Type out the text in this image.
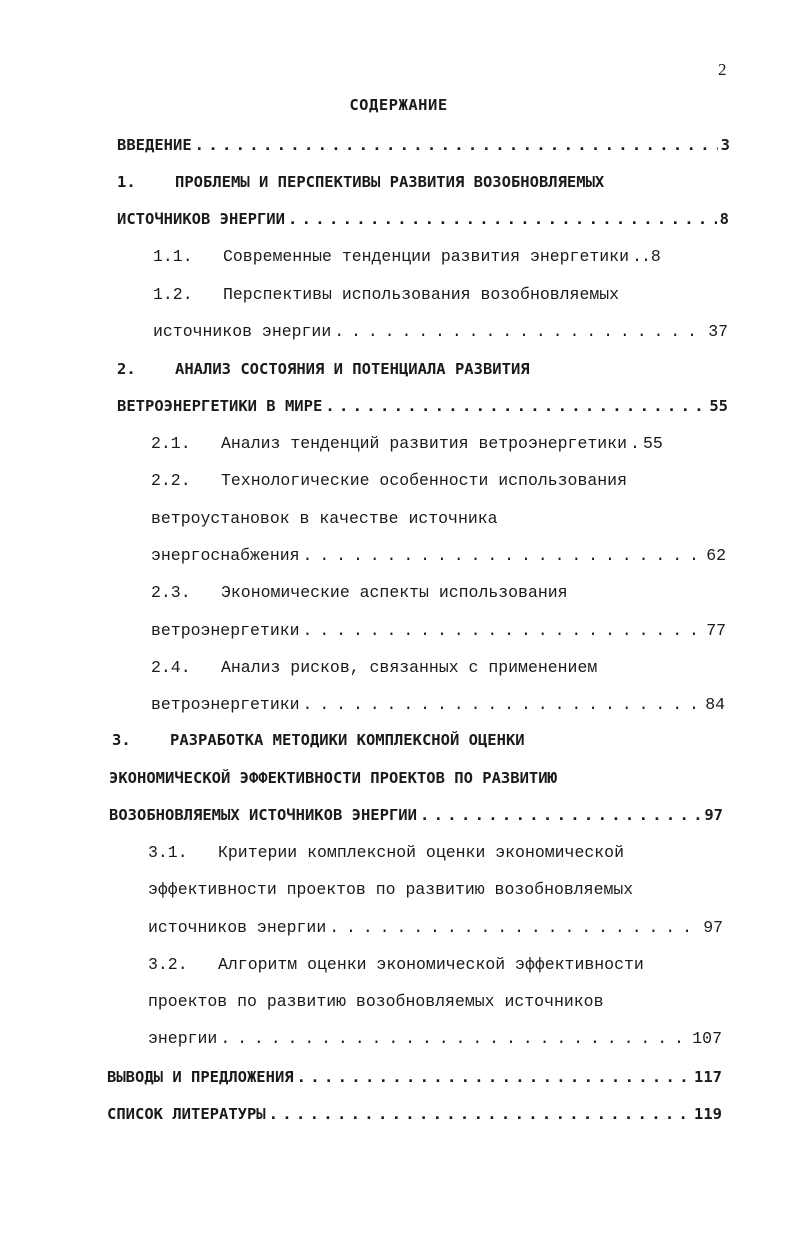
2
СОДЕРЖАНИЕ
ВВЕДЕНИЕ . . .	3
1.	ПРОБЛЕМЫ И ПЕРСПЕКТИВЫ РАЗВИТИЯ ВОЗОБНОВЛЯЕМЫХ
ИСТОЧНИКОВ ЭНЕРГИИ . . .	8
1.1. Современные тенденции развития энергетики . . . .8
1.2. Перспективы использования возобновляемых
источников энергии . . .	37
2.	АНАЛИЗ СОСТОЯНИЯ И ПОТЕНЦИАЛА РАЗВИТИЯ
ВЕТРОЭНЕРГЕТИКИ В МИРЕ . . .	55
2.1. Анализ тенденций развития ветроэнергетики . . . 55
2.2. Технологические особенности использования
ветроустановок в качестве источника
энергоснабжения . . .	62
2.3. Экономические аспекты использования
ветроэнергетики . . .	77
2.4. Анализ рисков, связанных с применением
ветроэнергетики . . .	84
3.	РАЗРАБОТКА МЕТОДИКИ КОМПЛЕКСНОЙ ОЦЕНКИ
ЭКОНОМИЧЕСКОЙ ЭФФЕКТИВНОСТИ ПРОЕКТОВ ПО РАЗВИТИЮ
ВОЗОБНОВЛЯЕМЫХ ИСТОЧНИКОВ ЭНЕРГИИ . . .	97
3.1. Критерии комплексной оценки экономической
эффективности проектов по развитию возобновляемых
источников энергии . . .	97
3.2. Алгоритм оценки экономической эффективности
проектов по развитию возобновляемых источников
энергии . . .	107
ВЫВОДЫ И ПРЕДЛОЖЕНИЯ . . .	117
СПИСОК ЛИТЕРАТУРЫ . . .	119
